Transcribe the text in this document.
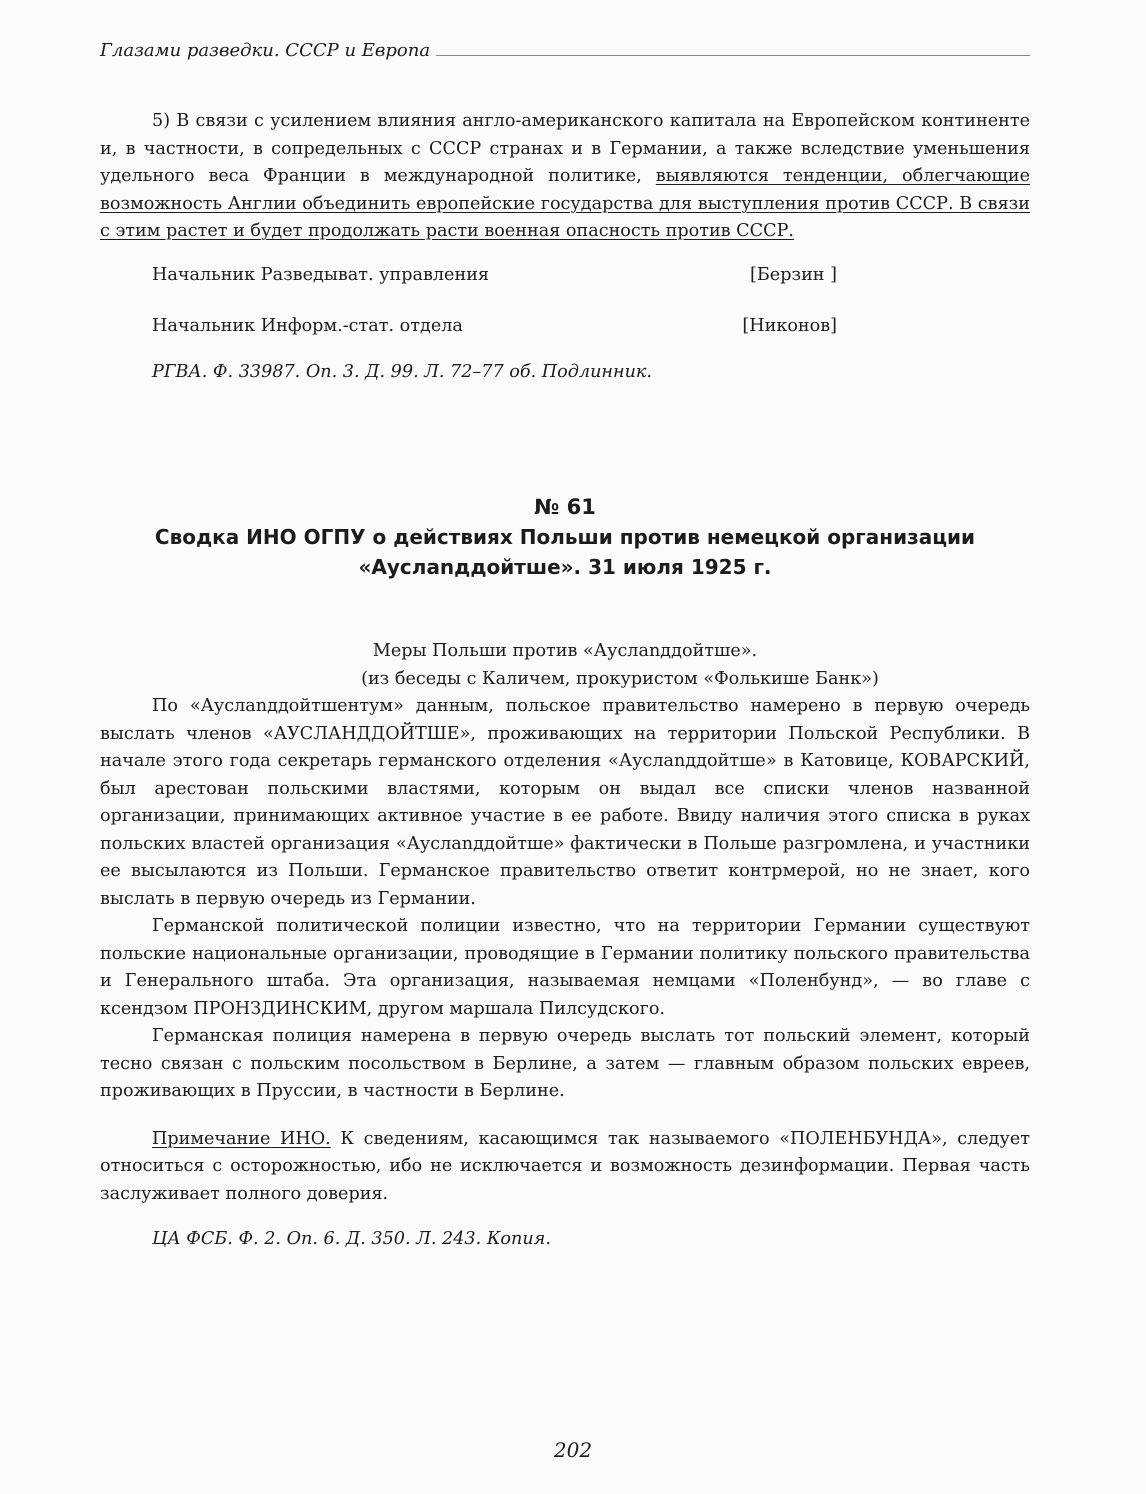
Глазами разведки. СССР и Европа

5) В связи с усилением влияния англо-американского капитала на Европейском континенте и, в частности, в сопредельных с СССР странах и в Германии, а также вследствие уменьшения удельного веса Франции в международной политике, выявляются тенденции, облегчающие возможность Англии объединить европейские государства для выступления против СССР. В связи с этим растет и будет продолжать расти военная опасность против СССР.

Начальник Разведыват. управления	[Берзин ]
Начальник Информ.-стат. отдела	[Никонов]

РГВА. Ф. 33987. Оп. 3. Д. 99. Л. 72–77 об. Подлинник.

№ 61
Сводка ИНО ОГПУ о действиях Польши против немецкой организации «Ауслanддойтше». 31 июля 1925 г.
Меры Польши против «Ауслanддойтше».
(из беседы с Каличем, прокуристом «Фолькише Банк»)

По «Ауслanддойтшентум» данным, польское правительство намерено в первую очередь выслать членов «АУСЛАНДДОЙТШЕ», проживающих на территории Польской Республики. В начале этого года секретарь германского отделения «Ауслanддойтше» в Катовице, КОВАРСКИЙ, был арестован польскими властями, которым он выдал все списки членов названной организации, принимающих активное участие в ее работе. Ввиду наличия этого списка в руках польских властей организация «Ауслanддойтше» фактически в Польше разгромлена, и участники ее высылаются из Польши. Германское правительство ответит контрмерой, но не знает, кого выслать в первую очередь из Германии.

Германской политической полиции известно, что на территории Германии существуют польские национальные организации, проводящие в Германии политику польского правительства и Генерального штаба. Эта организация, называемая немцами «Поленбунд», — во главе с ксендзом ПРОНЗДИНСКИМ, другом маршала Пилсудского.

Германская полиция намерена в первую очередь выслать тот польский элемент, который тесно связан с польским посольством в Берлине, а затем — главным образом польских евреев, проживающих в Пруссии, в частности в Берлине.

Примечание ИНО. К сведениям, касающимся так называемого «ПОЛЕНБУНДА», следует относиться с осторожностью, ибо не исключается и возможность дезинформации. Первая часть заслуживает полного доверия.

ЦА ФСБ. Ф. 2. Оп. 6. Д. 350. Л. 243. Копия.

202
